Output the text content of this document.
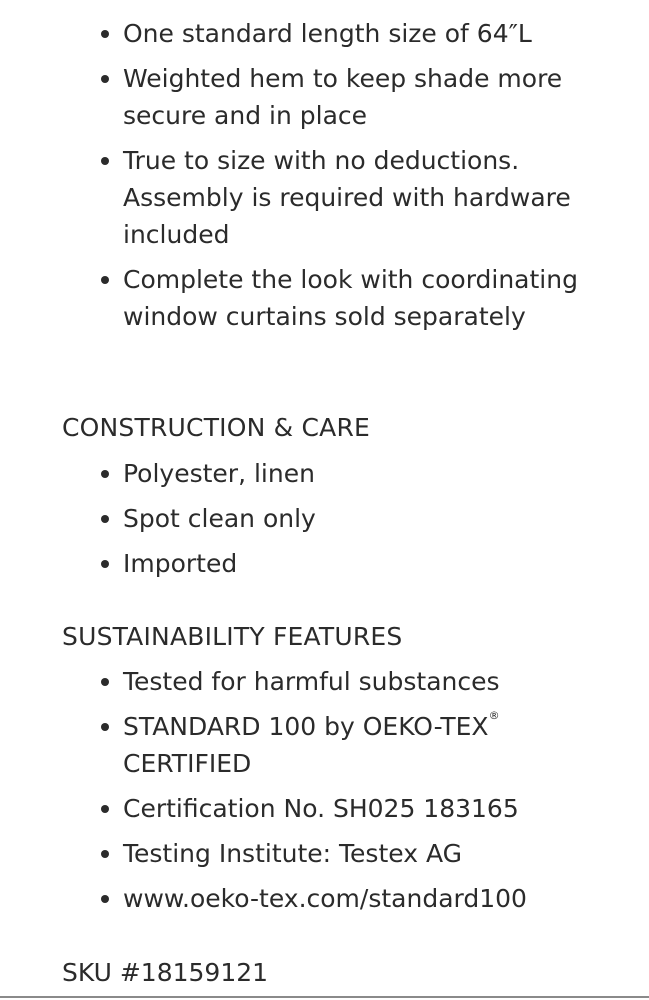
One standard length size of 64″L
Weighted hem to keep shade more secure and in place
True to size with no deductions. Assembly is required with hardware included
Complete the look with coordinating window curtains sold separately
CONSTRUCTION & CARE
Polyester, linen
Spot clean only
Imported
SUSTAINABILITY FEATURES
Tested for harmful substances
STANDARD 100 by OEKO-TEX®
CERTIFIED
Certification No. SH025 183165
Testing Institute: Testex AG
www.oeko-tex.com/standard100

SKU #18159121
